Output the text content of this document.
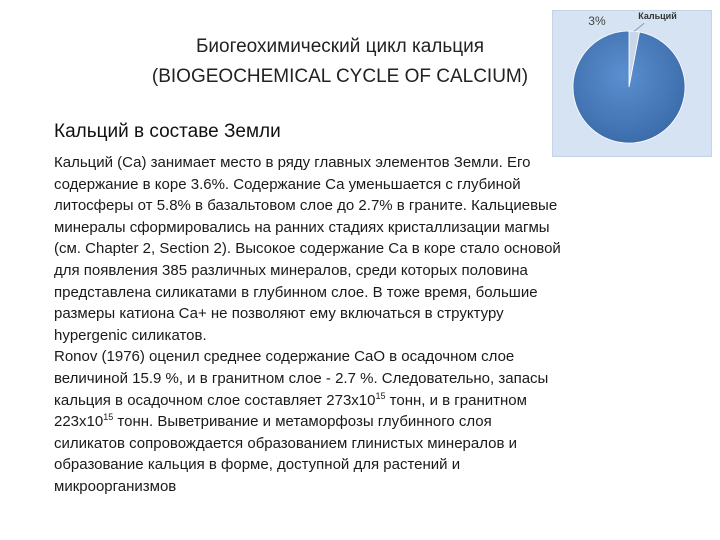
Биогеохимический цикл кальция
(BIOGEOCHEMICAL CYCLE OF CALCIUM)
3%	Кальций
Кальций в составе Земли

Кальций (Са) занимает место в ряду главных элементов Земли. Его
содержание в коре 3.6%. Содержание Са уменьшается с глубиной
литосферы от 5.8% в базальтовом слое до 2.7% в граните. Кальциевые
минералы сформировались на ранних стадиях кристаллизации магмы
(см. Chapter 2, Section 2). Высокое содержание Са в коре стало основой
для появления 385 различных минералов, среди которых половина
представлена силикатами в глубинном слое. В тоже время, большие
размеры катиона Са+ не позволяют ему включаться в структуру
hypergenic силикатов.

Ronov (1976) оценил среднее содержание CaO в осадочном слое
величиной 15.9 %, и в гранитном слое - 2.7 %. Следовательно, запасы
кальция в осадочном слое составляет $273x10^{15}$ тонн, и в гранитном
$223x10^{15}$ тонн. Выветривание и метаморфозы глубинного слоя
силикатов сопровождается образованием глинистых минералов и
образование кальция в форме, доступной для растений и
микроорганизмов
